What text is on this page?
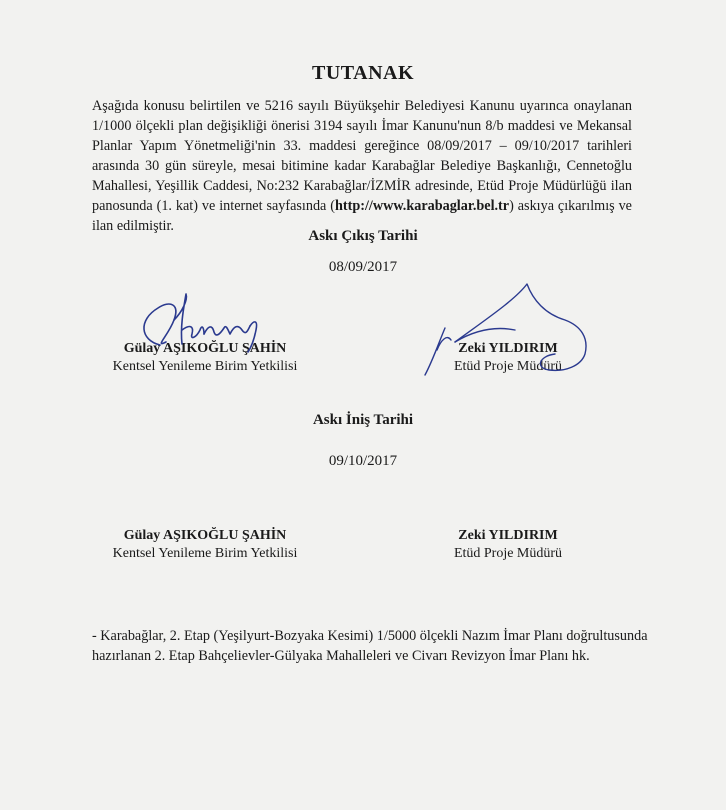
TUTANAK

Aşağıda konusu belirtilen ve 5216 sayılı Büyükşehir Belediyesi Kanunu uyarınca onaylanan 1/1000 ölçekli plan değişikliği önerisi 3194 sayılı İmar Kanunu'nun 8/b maddesi ve Mekansal Planlar Yapım Yönetmeliği'nin 33. maddesi gereğince 08/09/2017 – 09/10/2017 tarihleri arasında 30 gün süreyle, mesai bitimine kadar Karabağlar Belediye Başkanlığı, Cennetoğlu Mahallesi, Yeşillik Caddesi, No:232 Karabağlar/İZMİR adresinde, Etüd Proje Müdürlüğü ilan panosunda (1. kat) ve internet sayfasında (http://www.karabaglar.bel.tr) askıya çıkarılmış ve ilan edilmiştir.

Askı Çıkış Tarihi
08/09/2017
Gülay AŞIKOĞLU ŞAHİN
Kentsel Yenileme Birim Yetkilisi
Zeki YILDIRIM
Etüd Proje Müdürü
Askı İniş Tarihi
09/10/2017
Gülay AŞIKOĞLU ŞAHİN
Kentsel Yenileme Birim Yetkilisi
Zeki YILDIRIM
Etüd Proje Müdürü

- Karabağlar, 2. Etap (Yeşilyurt-Bozyaka Kesimi) 1/5000 ölçekli Nazım İmar Planı doğrultusunda hazırlanan 2. Etap Bahçelievler-Gülyaka Mahalleleri ve Civarı Revizyon İmar Planı hk.
